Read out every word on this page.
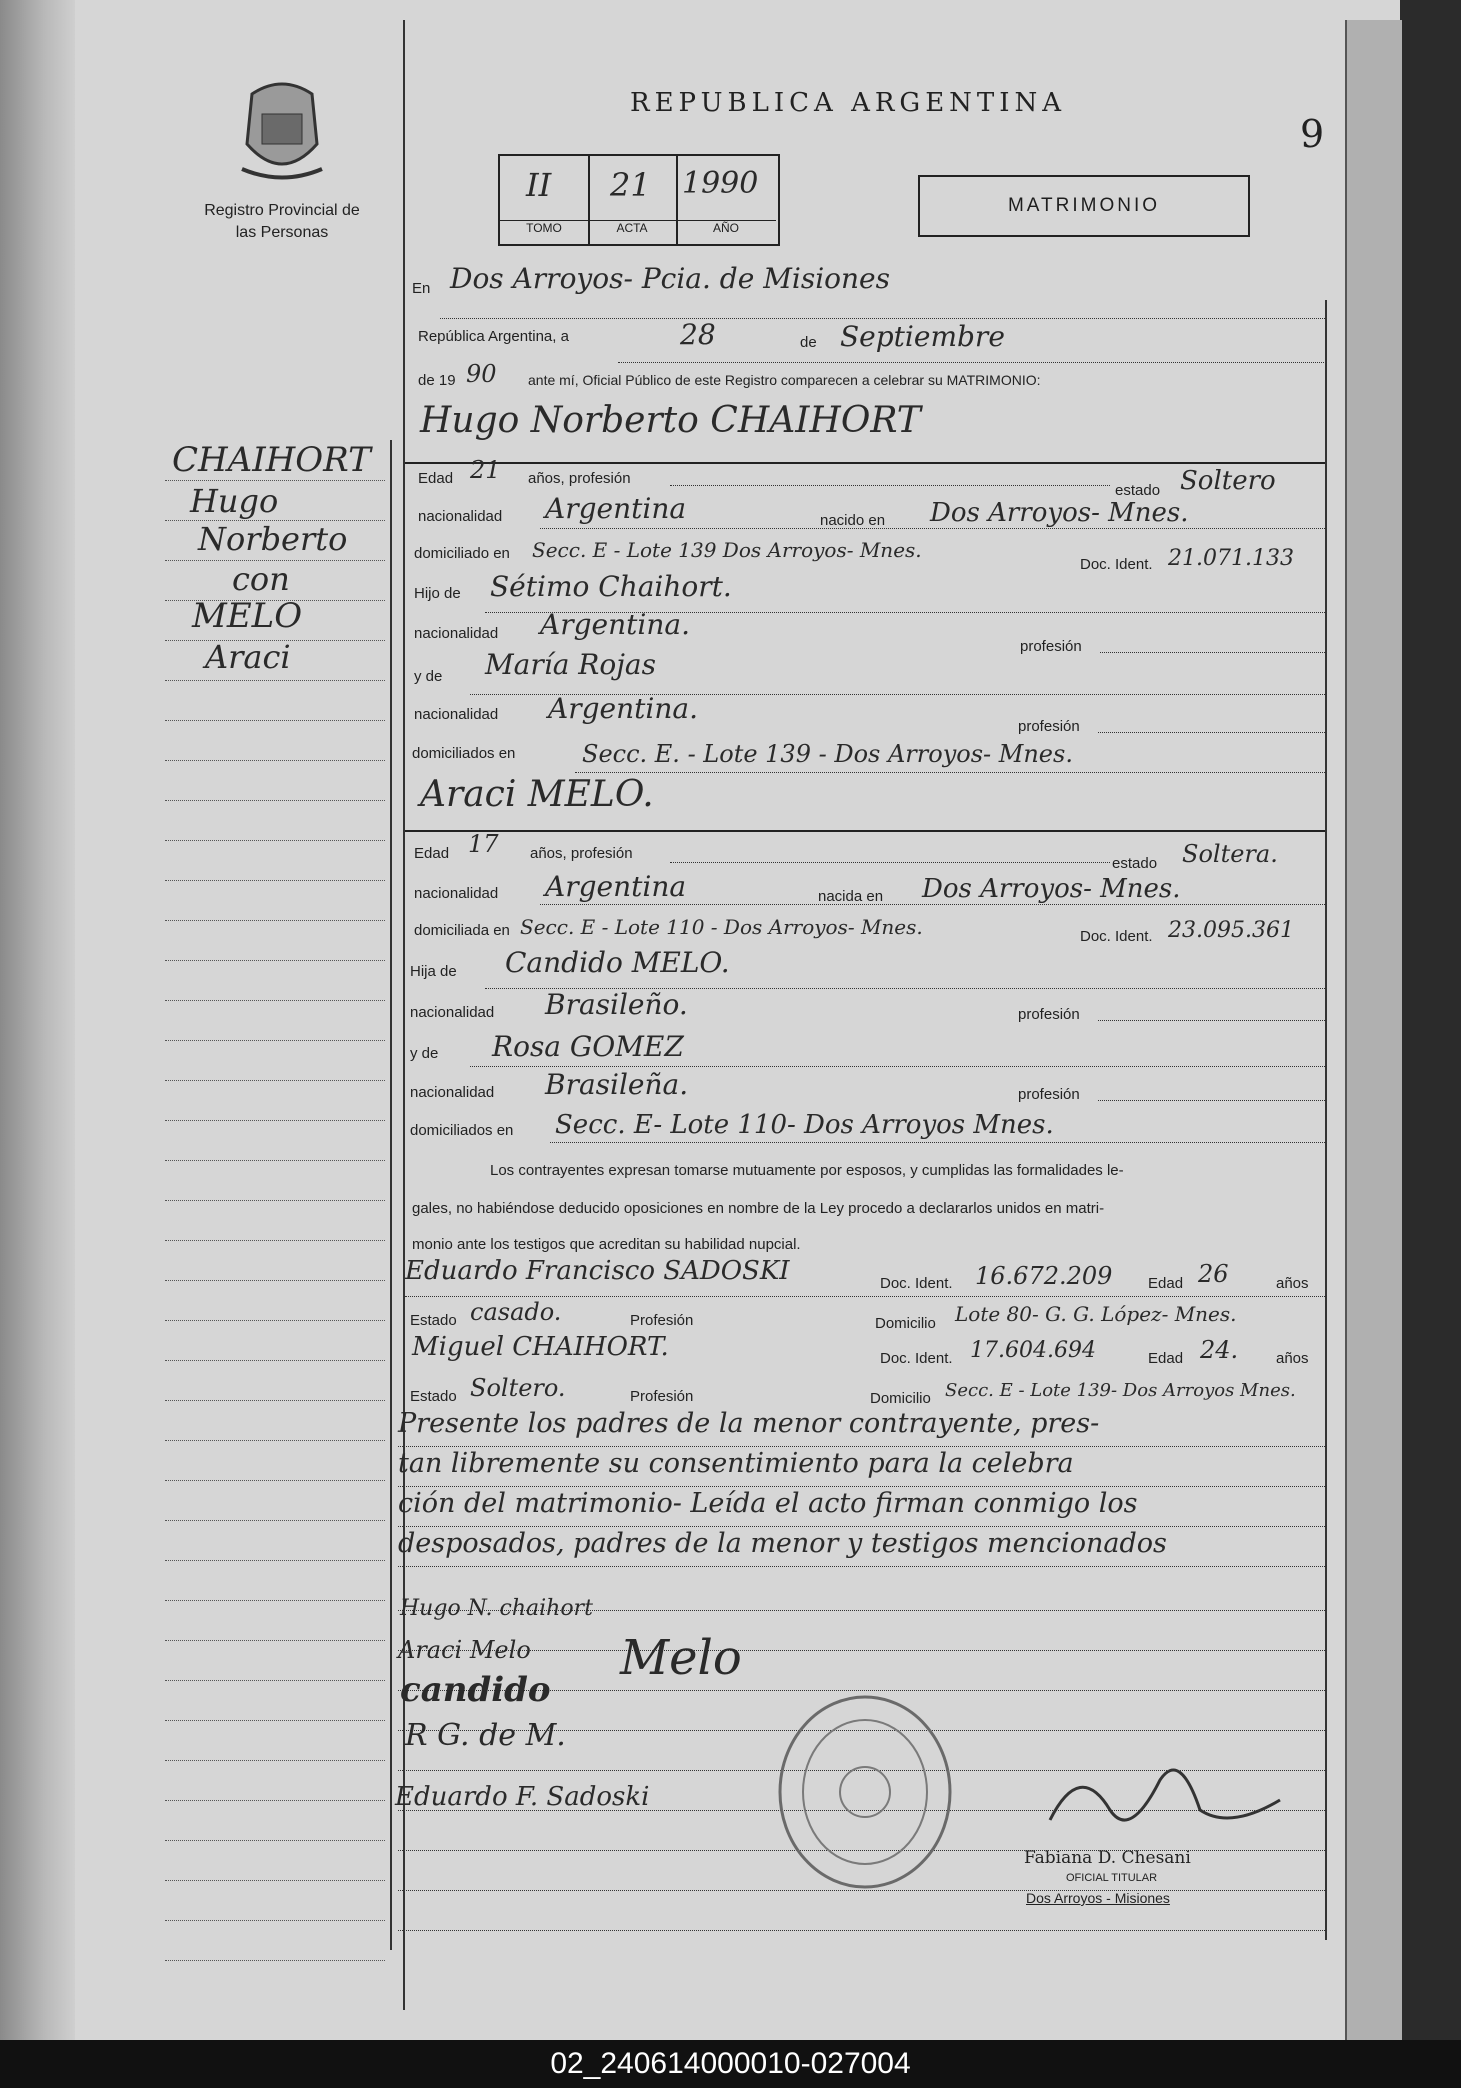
Registro Provincial de las Personas
REPUBLICA ARGENTINA
9
II
TOMO
21
ACTA
1990
AÑO
MATRIMONIO
CHAIHORT
Hugo
Norberto
con
MELO
Araci
En Dos Arroyos- Pcia. de Misiones
República Argentina, a	28	de Septiembre
de 19 90 ante mí, Oficial Público de este Registro comparecen a celebrar su MATRIMONIO:
Hugo Norberto CHAIHORT
Edad 21 años, profesión
estado Soltero
nacionalidad Argentina	nacido en Dos Arroyos- Mnes.
domiciliado en Secc. E - Lote 139 Dos Arroyos- Mnes.
Doc. Ident. 21.071.133
Hijo de Sétimo Chaihort.
nacionalidad Argentina.
profesión
y de María Rojas
nacionalidad Argentina.
profesión
domiciliados en	Secc. E. - Lote 139 - Dos Arroyos- Mnes.
Araci MELO.
Edad 17 años, profesión
estado Soltera.
nacionalidad Argentina	nacida en Dos Arroyos- Mnes.
domiciliada en Secc. E - Lote 110 - Dos Arroyos- Mnes.	Doc. Ident. 23.095.361
Hija de Candido MELO.
nacionalidad Brasileño.	profesión
y de Rosa GOMEZ
nacionalidad Brasileña.	profesión
domiciliados en Secc. E- Lote 110- Dos Arroyos Mnes.
Los contrayentes expresan tomarse mutuamente por esposos, y cumplidas las formalidades le-
gales, no habiéndose deducido oposiciones en nombre de la Ley procedo a declararlos unidos en matri-
monio ante los testigos que acreditan su habilidad nupcial.
Eduardo Francisco SADOSKI	Doc. Ident. 16.672.209 Edad 26	años
Estado casado.	Profesión	Domicilio Lote 80- G. G. López- Mnes.
Miguel CHAIHORT.	Doc. Ident. 17.604.694	Edad 24.	años
Estado Soltero.	Profesión	Domicilio Secc. E - Lote 139- Dos Arroyos Mnes.
Presente los padres de la menor contrayente, pres-
tan libremente su consentimiento para la celebra
ción del matrimonio- Leída el acto firman conmigo los
desposados, padres de la menor y testigos mencionados
Hugo N. chaihort
Araci Melo
candido
Melo
R G. de M.
Eduardo F. Sadoski
Fabiana D. Chesani
OFICIAL TITULAR
Dos Arroyos - Misiones
02_240614000010-027004
